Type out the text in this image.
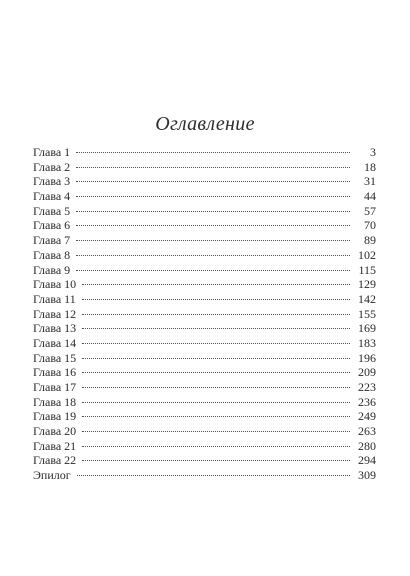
Оглавление
Глава 1	3
Глава 2	18
Глава 3	31
Глава 4	44
Глава 5	57
Глава 6	70
Глава 7	89
Глава 8	102
Глава 9	115
Глава 10	129
Глава 11	142
Глава 12	155
Глава 13	169
Глава 14	183
Глава 15	196
Глава 16	209
Глава 17	223
Глава 18	236
Глава 19	249
Глава 20	263
Глава 21	280
Глава 22	294
Эпилог	309
